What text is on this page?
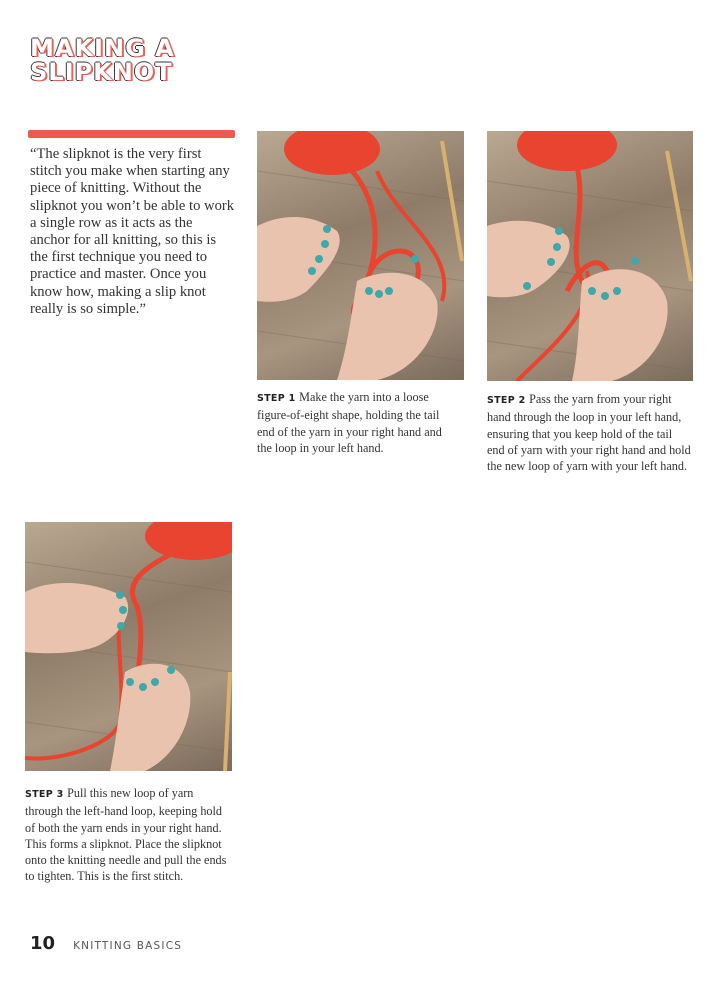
MAKING A
SLIPKNOT

“The slipknot is the very first stitch you make when starting any piece of knitting. Without the slipknot you won’t be able to work a single row as it acts as the anchor for all knitting, so this is the first technique you need to practice and master. Once you know how, making a slip knot really is so simple.”

STEP 1 Make the yarn into a loose figure-of-eight shape, holding the tail end of the yarn in your right hand and the loop in your left hand.

STEP 2 Pass the yarn from your right hand through the loop in your left hand, ensuring that you keep hold of the tail end of yarn with your right hand and hold the new loop of yarn with your left hand.

STEP 3 Pull this new loop of yarn through the left-hand loop, keeping hold of both the yarn ends in your right hand. This forms a slipknot. Place the slipknot onto the knitting needle and pull the ends to tighten. This is the first stitch.

10 KNITTING BASICS
